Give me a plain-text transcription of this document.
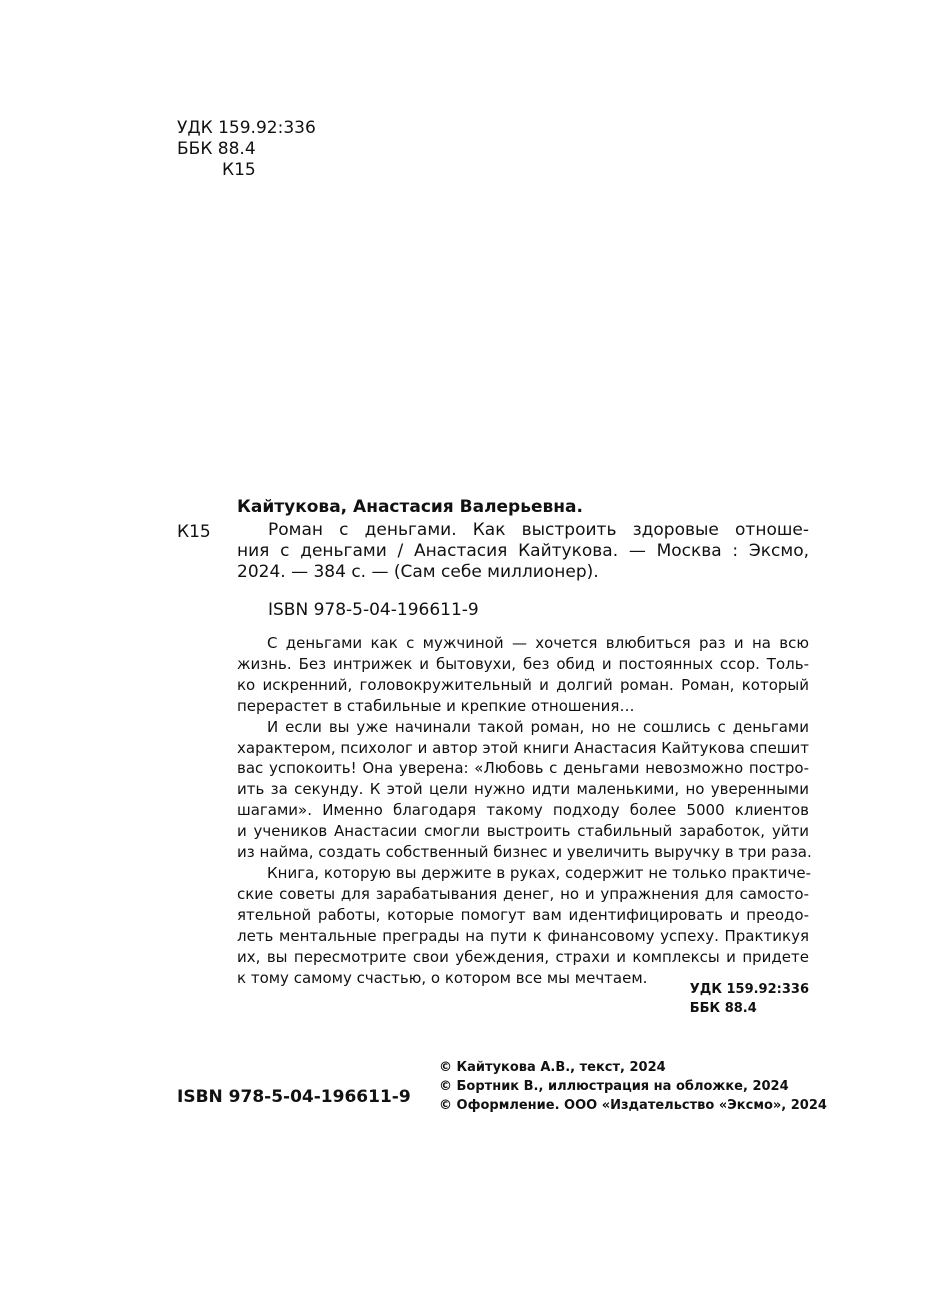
УДК 159.92:336
ББК 88.4
К15
Кайтукова, Анастасия Валерьевна.
К15	Роман с деньгами. Как выстроить здоровые отноше-
ния с деньгами / Анастасия Кайтукова. — Москва : Эксмо,
2024. — 384 с. — (Сам себе миллионер).
ISBN 978-5-04-196611-9
С деньгами как с мужчиной — хочется влюбиться раз и на всю
жизнь. Без интрижек и бытовухи, без обид и постоянных ссор. Толь-
ко искренний, головокружительный и долгий роман. Роман, который
перерастет в стабильные и крепкие отношения…
И если вы уже начинали такой роман, но не сошлись с деньгами
характером, психолог и автор этой книги Анастасия Кайтукова спешит
вас успокоить! Она уверена: «Любовь с деньгами невозможно постро-
ить за секунду. К этой цели нужно идти маленькими, но уверенными
шагами». Именно благодаря такому подходу более 5000 клиентов
и учеников Анастасии смогли выстроить стабильный заработок, уйти
из найма, создать собственный бизнес и увеличить выручку в три раза.
Книга, которую вы держите в руках, содержит не только практиче-
ские советы для зарабатывания денег, но и упражнения для самосто-
ятельной работы, которые помогут вам идентифицировать и преодо-
леть ментальные преграды на пути к финансовому успеху. Практикуя
их, вы пересмотрите свои убеждения, страхи и комплексы и придете
к тому самому счастью, о котором все мы мечтаем.
УДК 159.92:336
ББК 88.4
© Кайтукова А.В., текст, 2024
© Бортник В., иллюстрация на обложке, 2024
© Оформление. ООО «Издательство «Эксмо», 2024
ISBN 978-5-04-196611-9
